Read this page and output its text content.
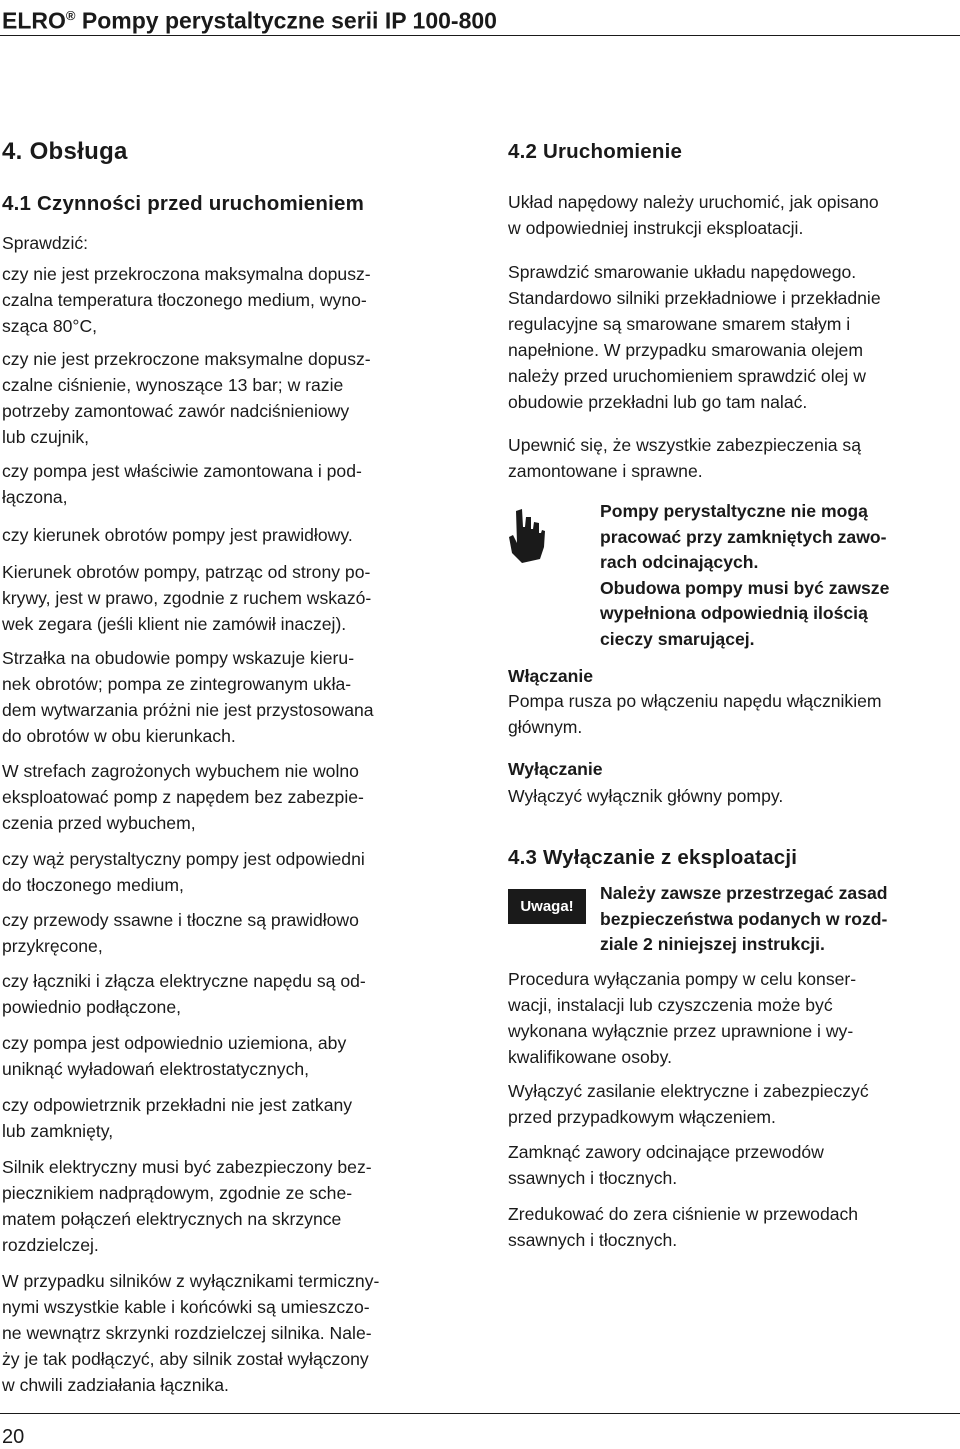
ELRO® Pompy perystaltyczne serii IP 100-800
4. Obsługa
4.1 Czynności przed uruchomieniem

Sprawdzić:

czy nie jest przekroczona maksymalna dopusz-
czalna temperatura tłoczonego medium, wyno-
sząca 80°C,

czy nie jest przekroczone maksymalne dopusz-
czalne ciśnienie, wynoszące 13 bar; w razie
potrzeby zamontować zawór nadciśnieniowy
lub czujnik,

czy pompa jest właściwie zamontowana i pod-
łączona,

czy kierunek obrotów pompy jest prawidłowy.

Kierunek obrotów pompy, patrząc od strony po-
krywy, jest w prawo, zgodnie z ruchem wskazó-
wek zegara (jeśli klient nie zamówił inaczej).

Strzałka na obudowie pompy wskazuje kieru-
nek obrotów; pompa ze zintegrowanym ukła-
dem wytwarzania próżni nie jest przystosowana
do obrotów w obu kierunkach.

W strefach zagrożonych wybuchem nie wolno
eksploatować pomp z napędem bez zabezpie-
czenia przed wybuchem,

czy wąż perystaltyczny pompy jest odpowiedni
do tłoczonego medium,

czy przewody ssawne i tłoczne są prawidłowo
przykręcone,

czy łączniki i złącza elektryczne napędu są od-
powiednio podłączone,

czy pompa jest odpowiednio uziemiona, aby
uniknąć wyładowań elektrostatycznych,

czy odpowietrznik przekładni nie jest zatkany
lub zamknięty,

Silnik elektryczny musi być zabezpieczony bez-
piecznikiem nadprądowym, zgodnie ze sche-
matem połączeń elektrycznych na skrzynce
rozdzielczej.

W przypadku silników z wyłącznikami termiczny-
nymi wszystkie kable i końcówki są umieszczo-
ne wewnątrz skrzynki rozdzielczej silnika. Nale-
ży je tak podłączyć, aby silnik został wyłączony
w chwili zadziałania łącznika.

4.2 Uruchomienie

Układ napędowy należy uruchomić, jak opisano
w odpowiedniej instrukcji eksploatacji.

Sprawdzić smarowanie układu napędowego.
Standardowo silniki przekładniowe i przekładnie
regulacyjne są smarowane smarem stałym i
napełnione. W przypadku smarowania olejem
należy przed uruchomieniem sprawdzić olej w
obudowie przekładni lub go tam nalać.

Upewnić się, że wszystkie zabezpieczenia są
zamontowane i sprawne.

Pompy perystaltyczne nie mogą
pracować przy zamkniętych zawo-
rach odcinających.
Obudowa pompy musi być zawsze
wypełniona odpowiednią ilością
cieczy smarującej.

Włączanie

Pompa rusza po włączeniu napędu włącznikiem
głównym.

Wyłączanie

Wyłączyć wyłącznik główny pompy.

4.3 Wyłączanie z eksploatacji
Uwaga!
Należy zawsze przestrzegać zasad
bezpieczeństwa podanych w rozd-
ziale 2 niniejszej instrukcji.

Procedura wyłączania pompy w celu konser-
wacji, instalacji lub czyszczenia może być
wykonana wyłącznie przez uprawnione i wy-
kwalifikowane osoby.

Wyłączyć zasilanie elektryczne i zabezpieczyć
przed przypadkowym włączeniem.

Zamknąć zawory odcinające przewodów
ssawnych i tłocznych.

Zredukować do zera ciśnienie w przewodach
ssawnych i tłocznych.

20
